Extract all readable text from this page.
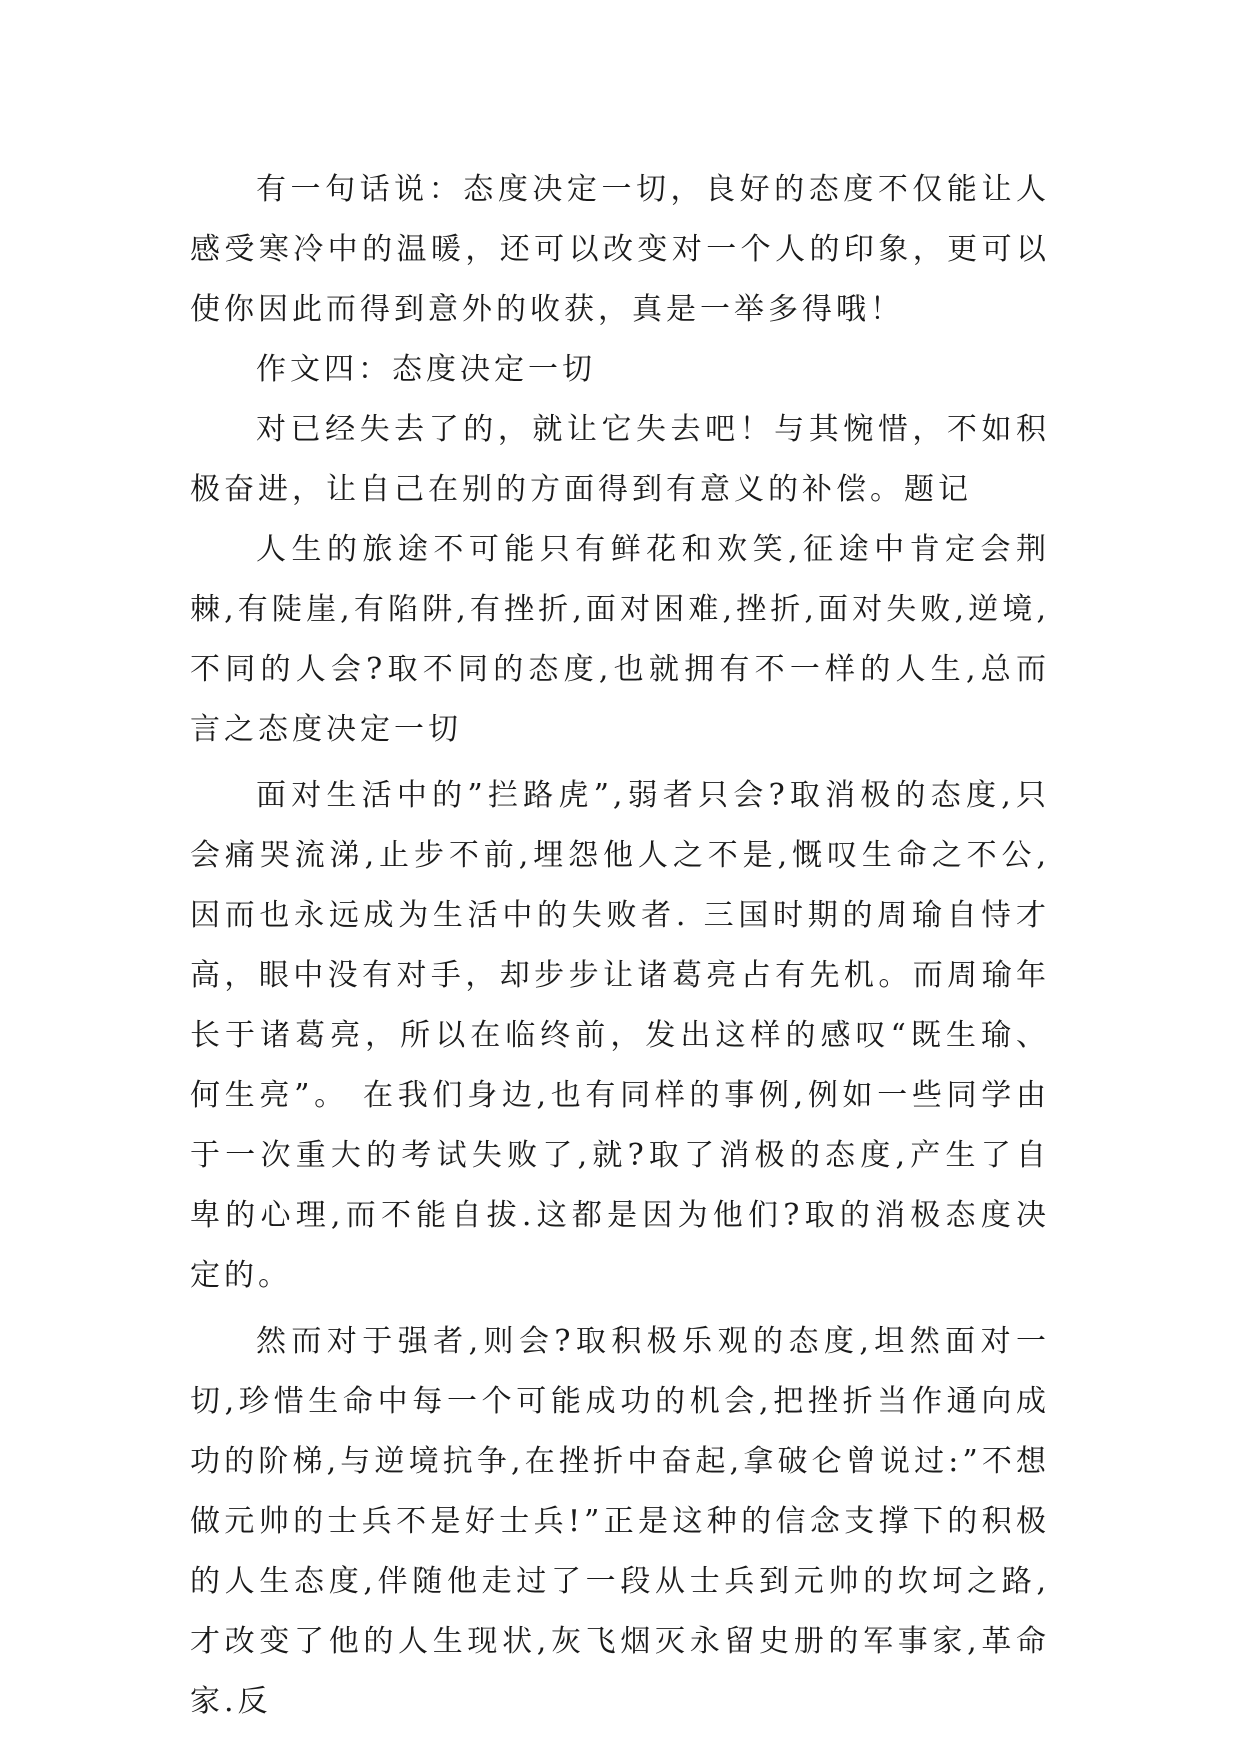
有一句话说：态度决定一切，良好的态度不仅能让人感受寒冷中的温暖，还可以改变对一个人的印象，更可以使你因此而得到意外的收获，真是一举多得哦！

作文四：态度决定一切

对已经失去了的，就让它失去吧！与其惋惜，不如积极奋进，让自己在别的方面得到有意义的补偿。题记

人生的旅途不可能只有鲜花和欢笑,征途中肯定会荆棘,有陡崖,有陷阱,有挫折,面对困难,挫折,面对失败,逆境,不同的人会?取不同的态度,也就拥有不一样的人生,总而言之态度决定一切

面对生活中的”拦路虎”,弱者只会?取消极的态度,只会痛哭流涕,止步不前,埋怨他人之不是,慨叹生命之不公,因而也永远成为生活中的失败者. 三国时期的周瑜自恃才高，眼中没有对手，却步步让诸葛亮占有先机。而周瑜年长于诸葛亮，所以在临终前，发出这样的感叹“既生瑜、何生亮”。 在我们身边,也有同样的事例,例如一些同学由于一次重大的考试失败了,就?取了消极的态度,产生了自卑的心理,而不能自拔.这都是因为他们?取的消极态度决定的。

然而对于强者,则会?取积极乐观的态度,坦然面对一切,珍惜生命中每一个可能成功的机会,把挫折当作通向成功的阶梯,与逆境抗争,在挫折中奋起,拿破仑曾说过:”不想做元帅的士兵不是好士兵!”正是这种的信念支撑下的积极的人生态度,伴随他走过了一段从士兵到元帅的坎坷之路,才改变了他的人生现状,灰飞烟灭永留史册的军事家,革命家.反
